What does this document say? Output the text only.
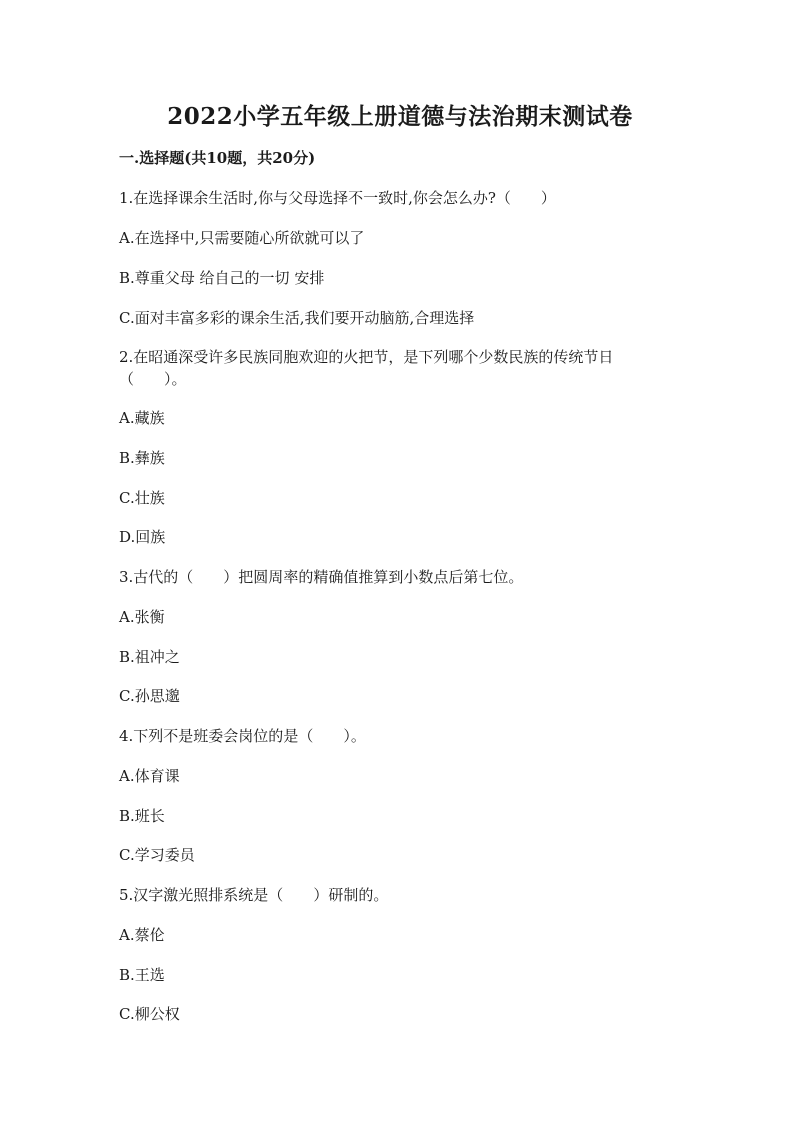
2022小学五年级上册道德与法治期末测试卷
一.选择题(共10题，共20分)
1.在选择课余生活时,你与父母选择不一致时,你会怎么办?（　　）
A.在选择中,只需要随心所欲就可以了
B.尊重父母 给自己的一切 安排
C.面对丰富多彩的课余生活,我们要开动脑筋,合理选择
2.在昭通深受许多民族同胞欢迎的火把节，是下列哪个少数民族的传统节日（　　）。
A.藏族
B.彝族
C.壮族
D.回族
3.古代的（　　）把圆周率的精确值推算到小数点后第七位。
A.张衡
B.祖冲之
C.孙思邈
4.下列不是班委会岗位的是（　　）。
A.体育课
B.班长
C.学习委员
5.汉字激光照排系统是（　　）研制的。
A.蔡伦
B.王选
C.柳公权
